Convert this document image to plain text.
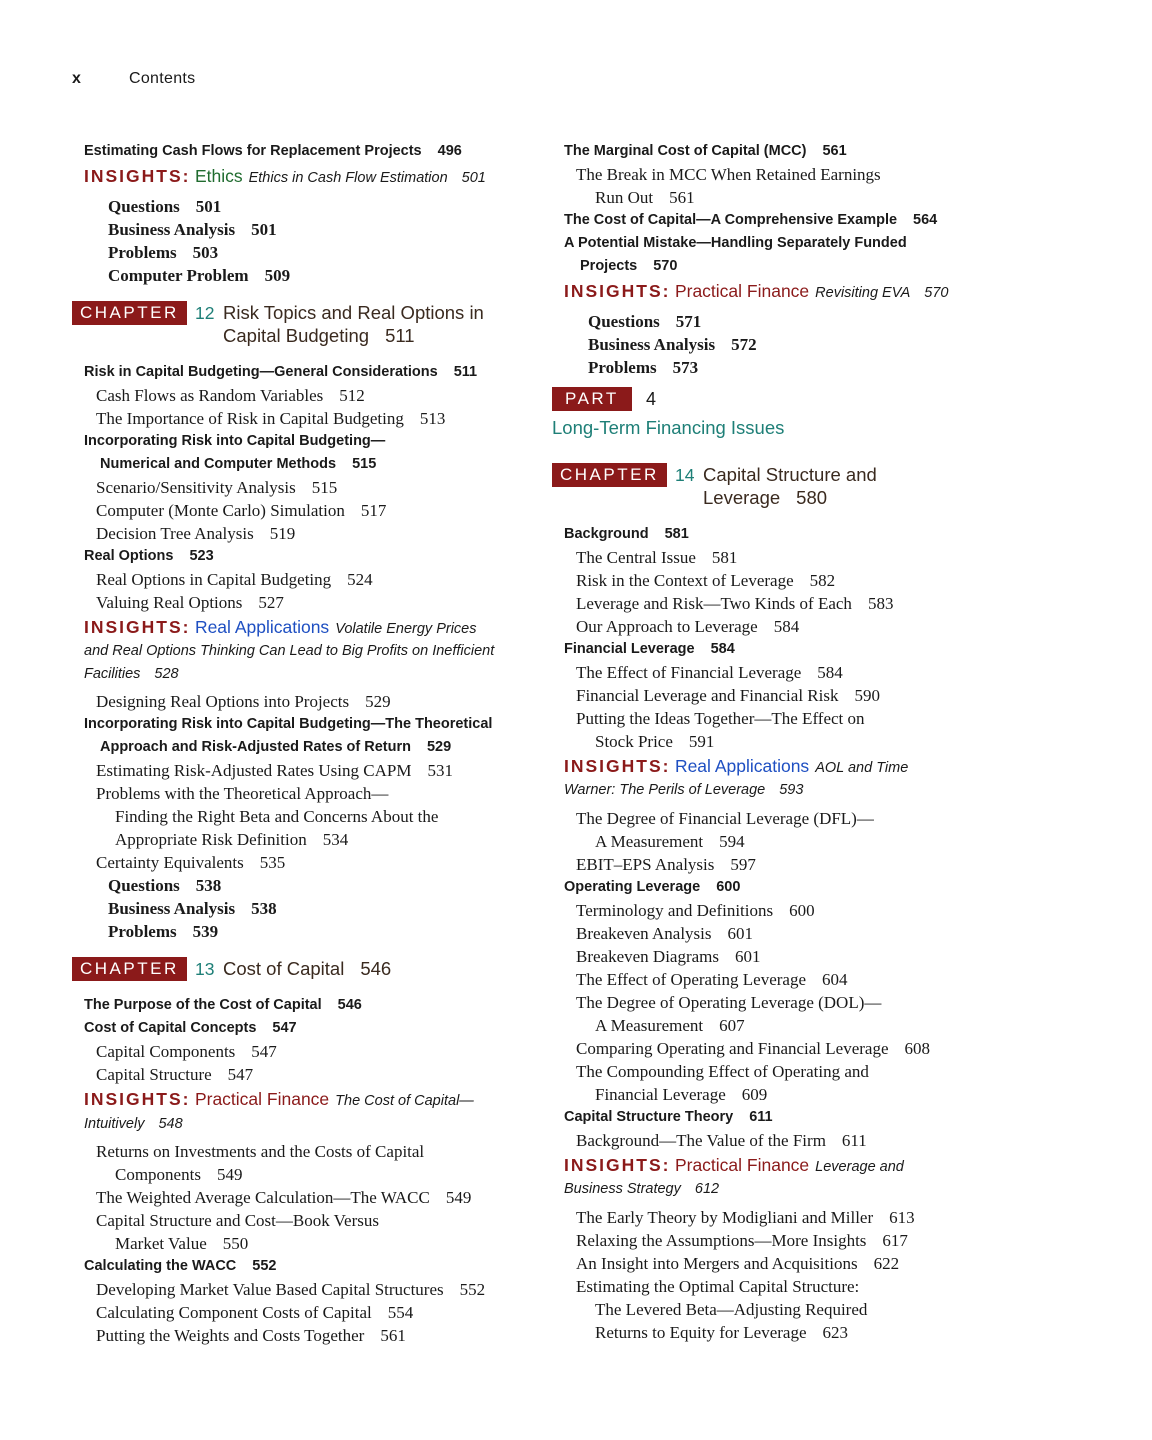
x	Contents
Estimating Cash Flows for Replacement Projects 496
INSIGHTS: Ethics Ethics in Cash Flow Estimation 501
Questions 501
Business Analysis 501
Problems 503
Computer Problem 509
CHAPTER 12 Risk Topics and Real Options in
Capital Budgeting 511
Risk in Capital Budgeting—General Considerations 511
Cash Flows as Random Variables 512
The Importance of Risk in Capital Budgeting 513
Incorporating Risk into Capital Budgeting—
Numerical and Computer Methods 515
Scenario/Sensitivity Analysis 515
Computer (Monte Carlo) Simulation 517
Decision Tree Analysis 519
Real Options 523
Real Options in Capital Budgeting 524
Valuing Real Options 527
INSIGHTS: Real Applications Volatile Energy Prices
and Real Options Thinking Can Lead to Big Profits on Inefficient
Facilities 528
Designing Real Options into Projects 529
Incorporating Risk into Capital Budgeting—The Theoretical
Approach and Risk-Adjusted Rates of Return 529
Estimating Risk-Adjusted Rates Using CAPM 531
Problems with the Theoretical Approach—
Finding the Right Beta and Concerns About the
Appropriate Risk Definition 534
Certainty Equivalents 535
Questions 538
Business Analysis 538
Problems 539
CHAPTER 13 Cost of Capital 546
The Purpose of the Cost of Capital 546
Cost of Capital Concepts 547
Capital Components 547
Capital Structure 547
INSIGHTS: Practical Finance The Cost of Capital—
Intuitively 548
Returns on Investments and the Costs of Capital
Components 549
The Weighted Average Calculation—The WACC 549
Capital Structure and Cost—Book Versus
Market Value 550
Calculating the WACC 552
Developing Market Value Based Capital Structures 552
Calculating Component Costs of Capital 554
Putting the Weights and Costs Together 561
The Marginal Cost of Capital (MCC) 561
The Break in MCC When Retained Earnings
Run Out 561
The Cost of Capital—A Comprehensive Example 564
A Potential Mistake—Handling Separately Funded
Projects 570
INSIGHTS: Practical Finance Revisiting EVA 570
Questions 571
Business Analysis 572
Problems 573
PART	4
Long-Term Financing Issues
CHAPTER 14 Capital Structure and
Leverage 580
Background 581
The Central Issue 581
Risk in the Context of Leverage 582
Leverage and Risk—Two Kinds of Each 583
Our Approach to Leverage 584
Financial Leverage 584
The Effect of Financial Leverage 584
Financial Leverage and Financial Risk 590
Putting the Ideas Together—The Effect on
Stock Price 591
INSIGHTS: Real Applications AOL and Time
Warner: The Perils of Leverage 593
The Degree of Financial Leverage (DFL)—
A Measurement 594
EBIT–EPS Analysis 597
Operating Leverage 600
Terminology and Definitions 600
Breakeven Analysis 601
Breakeven Diagrams 601
The Effect of Operating Leverage 604
The Degree of Operating Leverage (DOL)—
A Measurement 607
Comparing Operating and Financial Leverage 608
The Compounding Effect of Operating and
Financial Leverage 609
Capital Structure Theory 611
Background—The Value of the Firm 611
INSIGHTS: Practical Finance Leverage and
Business Strategy 612
The Early Theory by Modigliani and Miller 613
Relaxing the Assumptions—More Insights 617
An Insight into Mergers and Acquisitions 622
Estimating the Optimal Capital Structure:
The Levered Beta—Adjusting Required
Returns to Equity for Leverage 623
